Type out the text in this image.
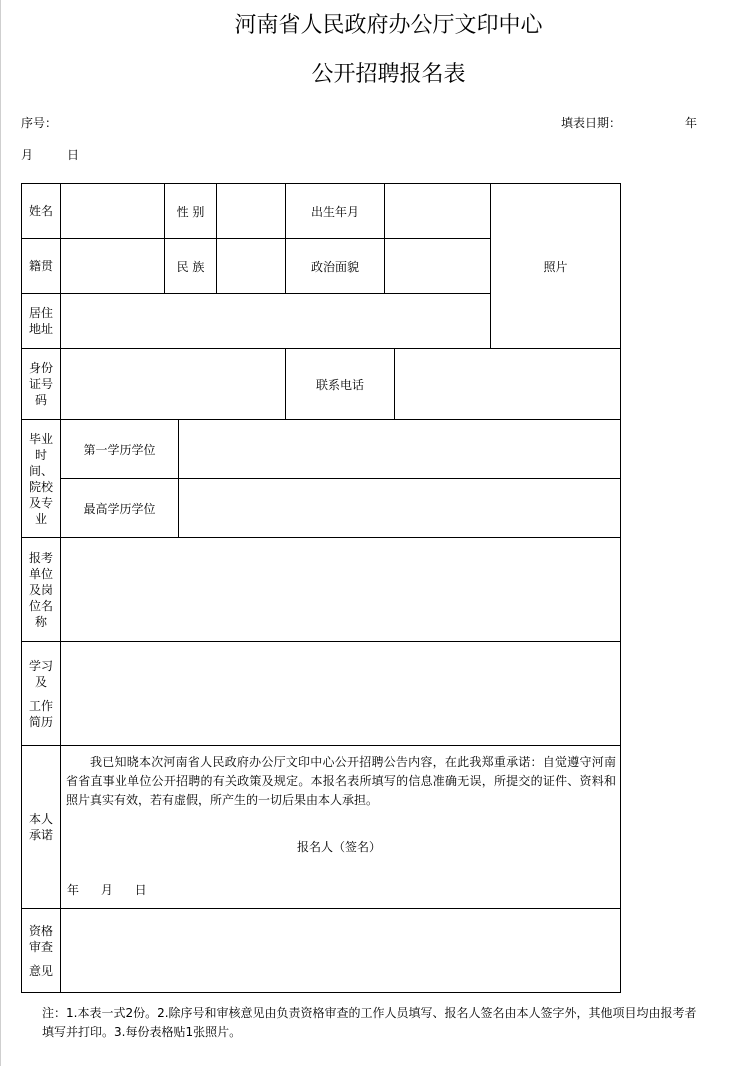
河南省人民政府办公厅文印中心
公开招聘报名表
序号：	填表日期：	年
月	日
姓名		性 别			出生年月			照片
籍贯		民 族			政治面貌			
居住地址								
身份证号码					联系电话			
毕业时间、院校及专业	第一学历学位							
	最高学历学位							
报考单位及岗位名称								
学习
及
工作简历								
本人承诺	我已知晓本次河南省人民政府办公厅文印中心公开招聘公告内容，在此我郑重承诺：自觉遵守河南省省直事业单位公开招聘的有关政策及规定。本报名表所填写的信息准确无误，所提交的证件、资料和照片真实有效，若有虚假，所产生的一切后果由本人承担。
报名人（签名）
年 月 日							

资格审查
意见								
注：1.本表一式2份。2.除序号和审核意见由负责资格审查的工作人员填写、报名人签名由本人签字外，其他项目均由报考者
填写并打印。3.每份表格贴1张照片。
